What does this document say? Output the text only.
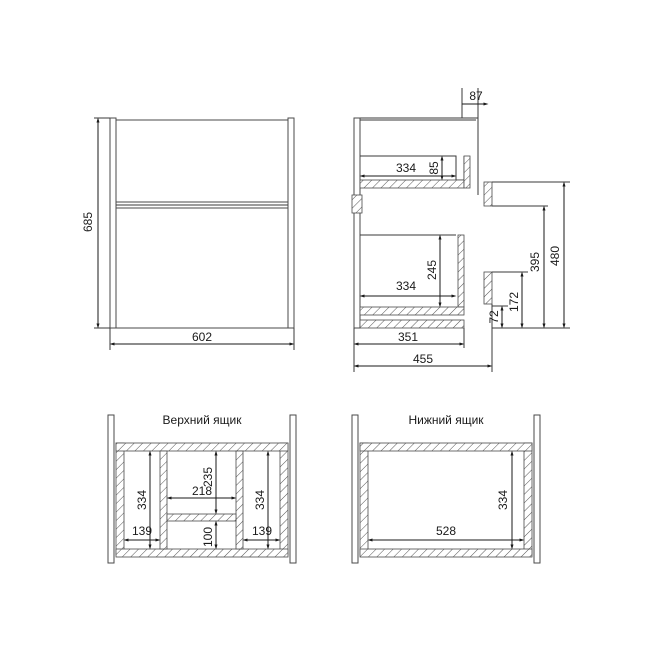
685
602
87
334 85
334
245
351
455
480
395
172
72
Верхний ящик
334
139
334
139
235
218
100
Нижний ящик
334
528
